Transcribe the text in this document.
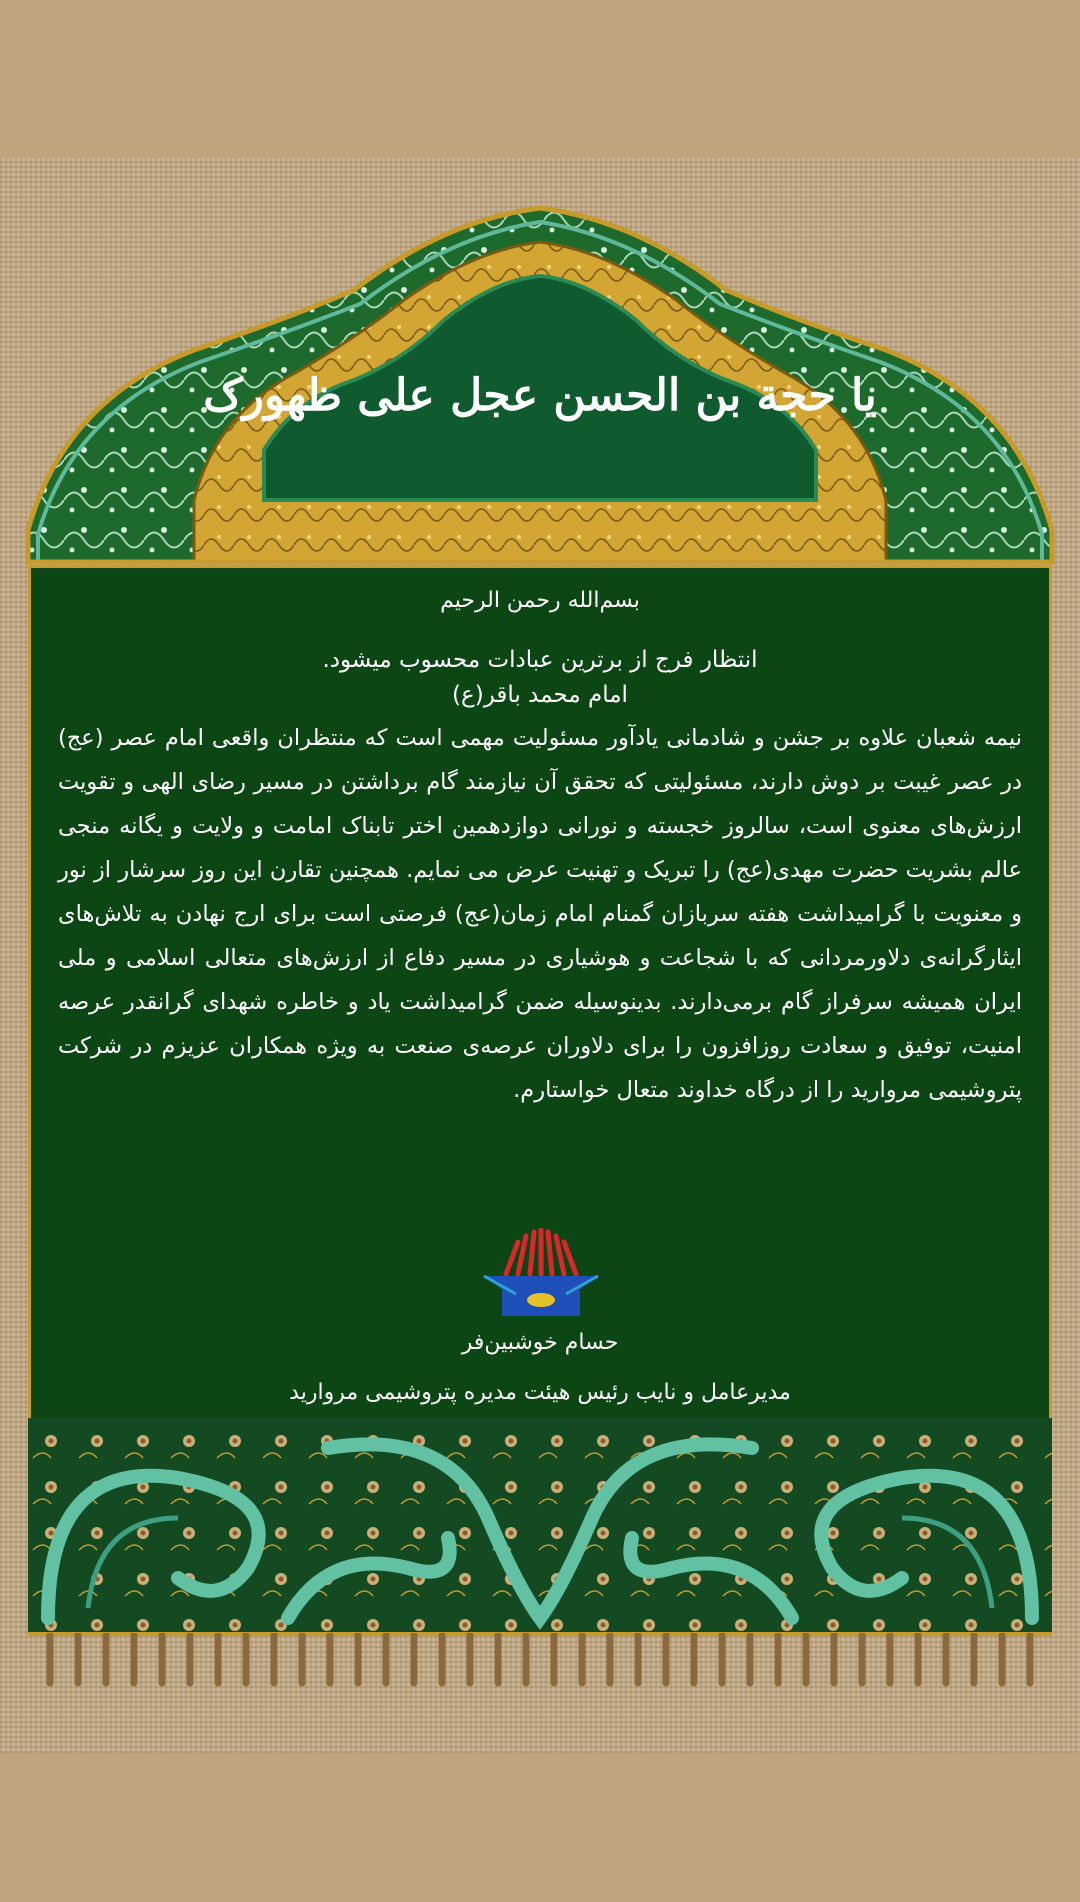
یا حجة بن الحسن عجل علی ظهورک

بسم‌الله رحمن الرحیم

انتظار فرج از برترین عبادات محسوب میشود.

امام محمد باقر(ع)

نیمه شعبان علاوه بر جشن و شادمانی یادآور مسئولیت مهمی است که منتظران واقعی امام عصر (عج) در عصر غیبت بر دوش دارند، مسئولیتی که تحقق آن نیازمند گام برداشتن در مسیر رضای الهی و تقویت ارزش‌های معنوی است، سالروز خجسته و نورانی دوازدهمین اختر تابناک امامت و ولایت و یگانه منجی عالم بشریت حضرت مهدی(عج) را تبریک و تهنیت عرض می نمایم. همچنین تقارن این روز سرشار از نور و معنویت با گرامیداشت هفته سربازان گمنام امام زمان(عج) فرصتی است برای ارج نهادن به تلاش‌های ایثارگرانه‌ی دلاورمردانی که با شجاعت و هوشیاری در مسیر دفاع از ارزش‌های متعالی اسلامی و ملی ایران همیشه سرفراز گام برمی‌دارند. بدینوسیله ضمن گرامیداشت یاد و خاطره شهدای گرانقدر عرصه امنیت، توفیق و سعادت روزافزون را برای دلاوران عرصه‌ی صنعت به ویژه همکاران عزیزم در شرکت پتروشیمی مروارید را از درگاه خداوند متعال خواستارم.

حسام خوشبین‌فر
مدیرعامل و نایب رئیس هیئت مدیره پتروشیمی مروارید
